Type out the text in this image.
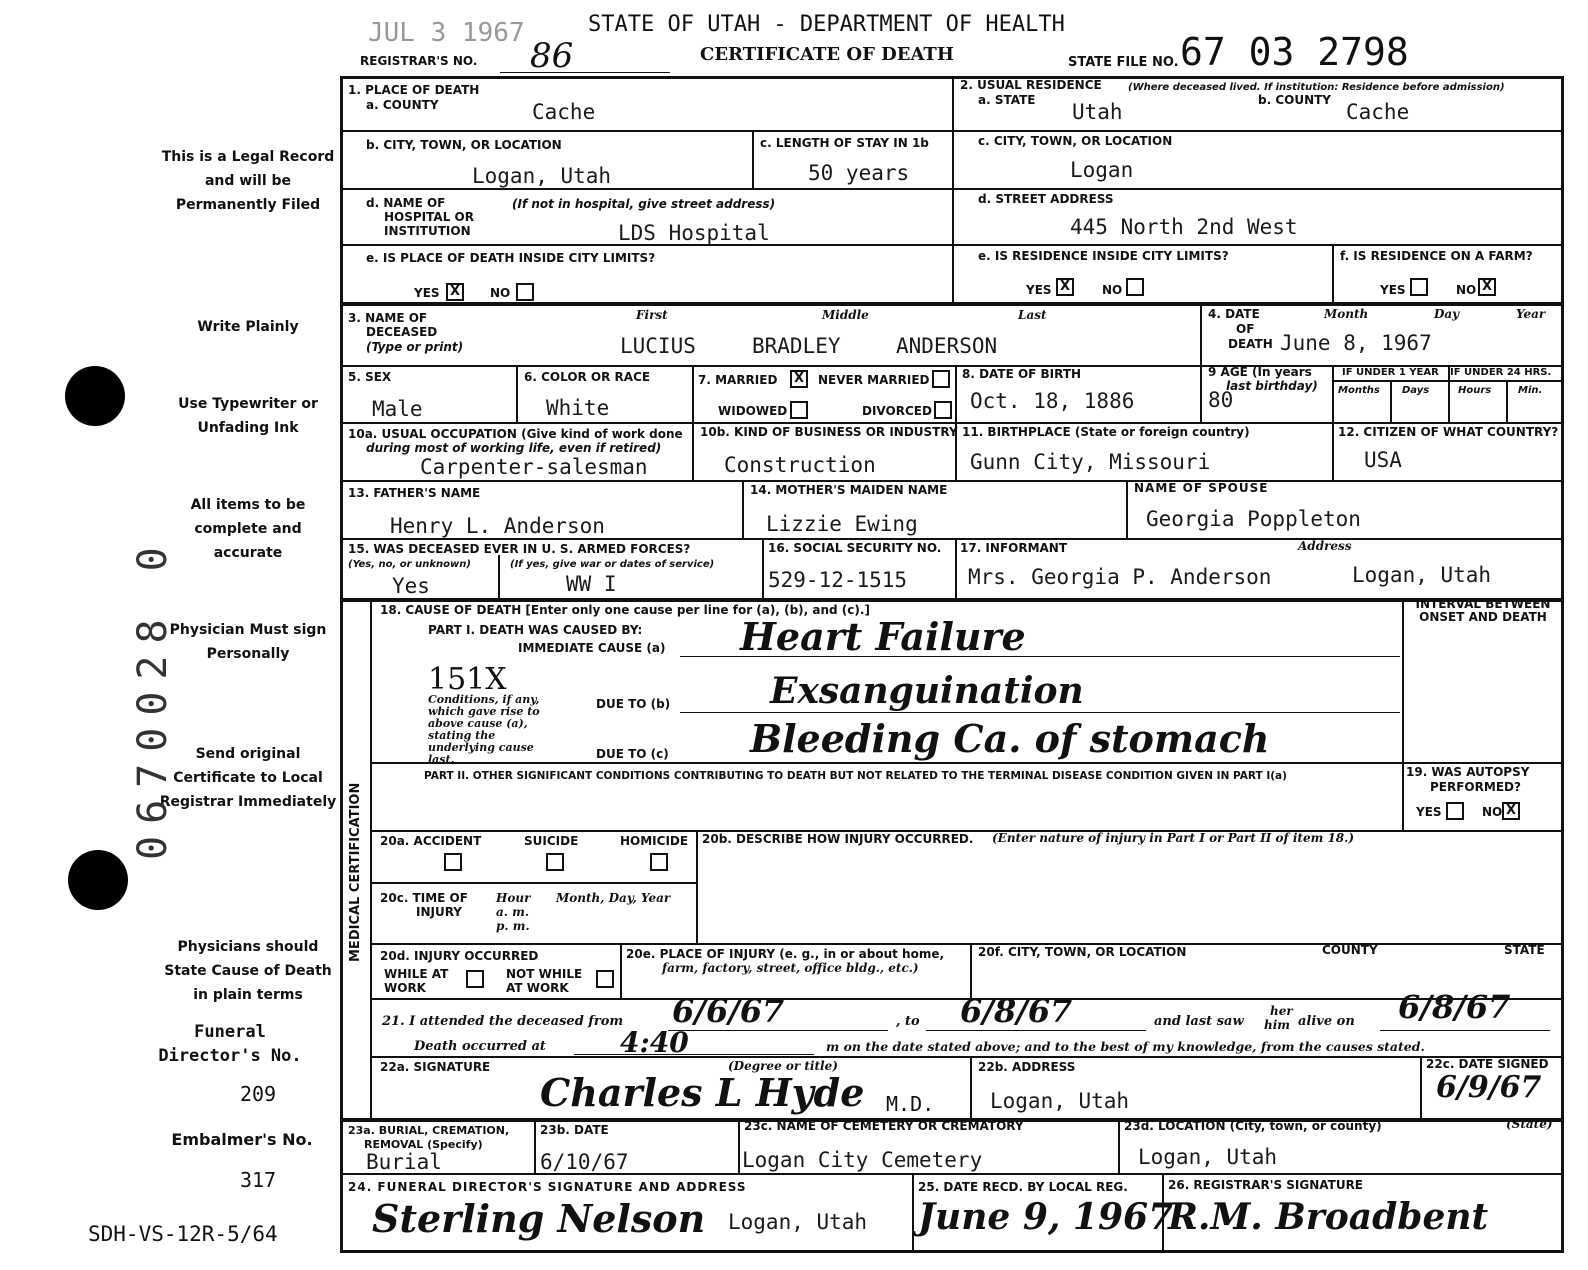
JUL 3 1967	STATE OF UTAH - DEPARTMENT OF HEALTH
REGISTRAR'S NO. 86	CERTIFICATE OF DEATH	STATE FILE NO. 67 03 2798
This is a Legal Record and will be Permanently Filed
Write Plainly
Use Typewriter or Unfading Ink
All items to be complete and accurate
Physician Must sign Personally
Send original Certificate to Local Registrar Immediately
Physicians should State Cause of Death in plain terms
Funeral Director's No.
209
Embalmer's No.
317
SDH-VS-12R-5/64
0670028 0
1. PLACE OF DEATH
a. COUNTY	Cache
b. CITY, TOWN, OR LOCATION
Logan, Utah
c. LENGTH OF STAY IN 1b
50 years
d. NAME OF
HOSPITAL OR
INSTITUTION
(If not in hospital, give street address)
LDS Hospital
e. IS PLACE OF DEATH INSIDE CITY LIMITS?
YES X	NO
2. USUAL RESIDENCE	(Where deceased lived. If institution: Residence before admission)
a. STATE Utah	b. COUNTY Cache
c. CITY, TOWN, OR LOCATION
Logan
d. STREET ADDRESS
445 North 2nd West
e. IS RESIDENCE INSIDE CITY LIMITS?
YES X	NO
f. IS RESIDENCE ON A FARM?
YES	NO X
3. NAME OF
DECEASED
(Type or print)
First	Middle	Last
LUCIUS	BRADLEY	ANDERSON
4. DATE
OF
DEATH
Month	Day	Year
June 8, 1967
5. SEX
Male
6. COLOR OR RACE
White
7. MARRIED	X	NEVER MARRIED
WIDOWED	DIVORCED
8. DATE OF BIRTH
Oct. 18, 1886
9 AGE (In years
last birthday)
80
IF UNDER 1 YEAR IF UNDER 24 HRS.
Months Days	Hours	Min.
10a. USUAL OCCUPATION (Give kind of work done
during most of working life, even if retired)
Carpenter-salesman
10b. KIND OF BUSINESS OR INDUSTRY
Construction
11. BIRTHPLACE (State or foreign country)
Gunn City, Missouri
12. CITIZEN OF WHAT COUNTRY?
USA
13. FATHER'S NAME
Henry L. Anderson
14. MOTHER'S MAIDEN NAME
Lizzie Ewing
NAME OF SPOUSE
Georgia Poppleton
15. WAS DECEASED EVER IN U. S. ARMED FORCES?
(Yes, no, or unknown)	(If yes, give war or dates of service)
Yes	WW I
16. SOCIAL SECURITY NO.
529-12-1515
17. INFORMANT	Address
Mrs. Georgia P. Anderson	Logan, Utah
MEDICAL CERTIFICATION
18. CAUSE OF DEATH [Enter only one cause per line for (a), (b), and (c).]
PART I. DEATH WAS CAUSED BY:
IMMEDIATE CAUSE (a) Heart Failure
151X
Conditions, if any, which gave rise to above cause (a), stating the underlying cause last.
DUE TO (b)	Exsanguination
DUE TO (c) Bleeding Ca. of stomach
INTERVAL BETWEEN ONSET AND DEATH
PART II. OTHER SIGNIFICANT CONDITIONS CONTRIBUTING TO DEATH BUT NOT RELATED TO THE TERMINAL DISEASE CONDITION GIVEN IN PART I(a)	19. WAS AUTOPSY
PERFORMED?
YES	NO X
20a. ACCIDENT	SUICIDE	HOMICIDE 20b. DESCRIBE HOW INJURY OCCURRED. (Enter nature of injury in Part I or Part II of item 18.)
20c. TIME OF
INJURY
Hour
a. m.
p. m.
Month, Day, Year
20d. INJURY OCCURRED
WHILE AT
WORK
NOT WHILE
AT WORK
20e. PLACE OF INJURY (e. g., in or about home,
farm, factory, street, office bldg., etc.)
20f. CITY, TOWN, OR LOCATION	COUNTY	STATE
21. I attended the deceased from 6/6/67	, to 6/8/67	and last saw
her
him alive on 6/8/67
Death occurred at	4:40	m on the date stated above; and to the best of my knowledge, from the causes stated.
(Degree or title)
22a. SIGNATURE
Charles L Hyde M.D.
22b. ADDRESS
Logan, Utah
22c. DATE SIGNED
6/9/67
23a. BURIAL, CREMATION,
REMOVAL (Specify)
Burial
23b. DATE
6/10/67
23c. NAME OF CEMETERY OR CREMATORY
Logan City Cemetery
23d. LOCATION (City, town, or county)
Logan, Utah
(State)
24. FUNERAL DIRECTOR'S SIGNATURE AND ADDRESS
Sterling Nelson Logan, Utah
25. DATE RECD. BY LOCAL REG.
June 9, 1967
26. REGISTRAR'S SIGNATURE
R.M. Broadbent
